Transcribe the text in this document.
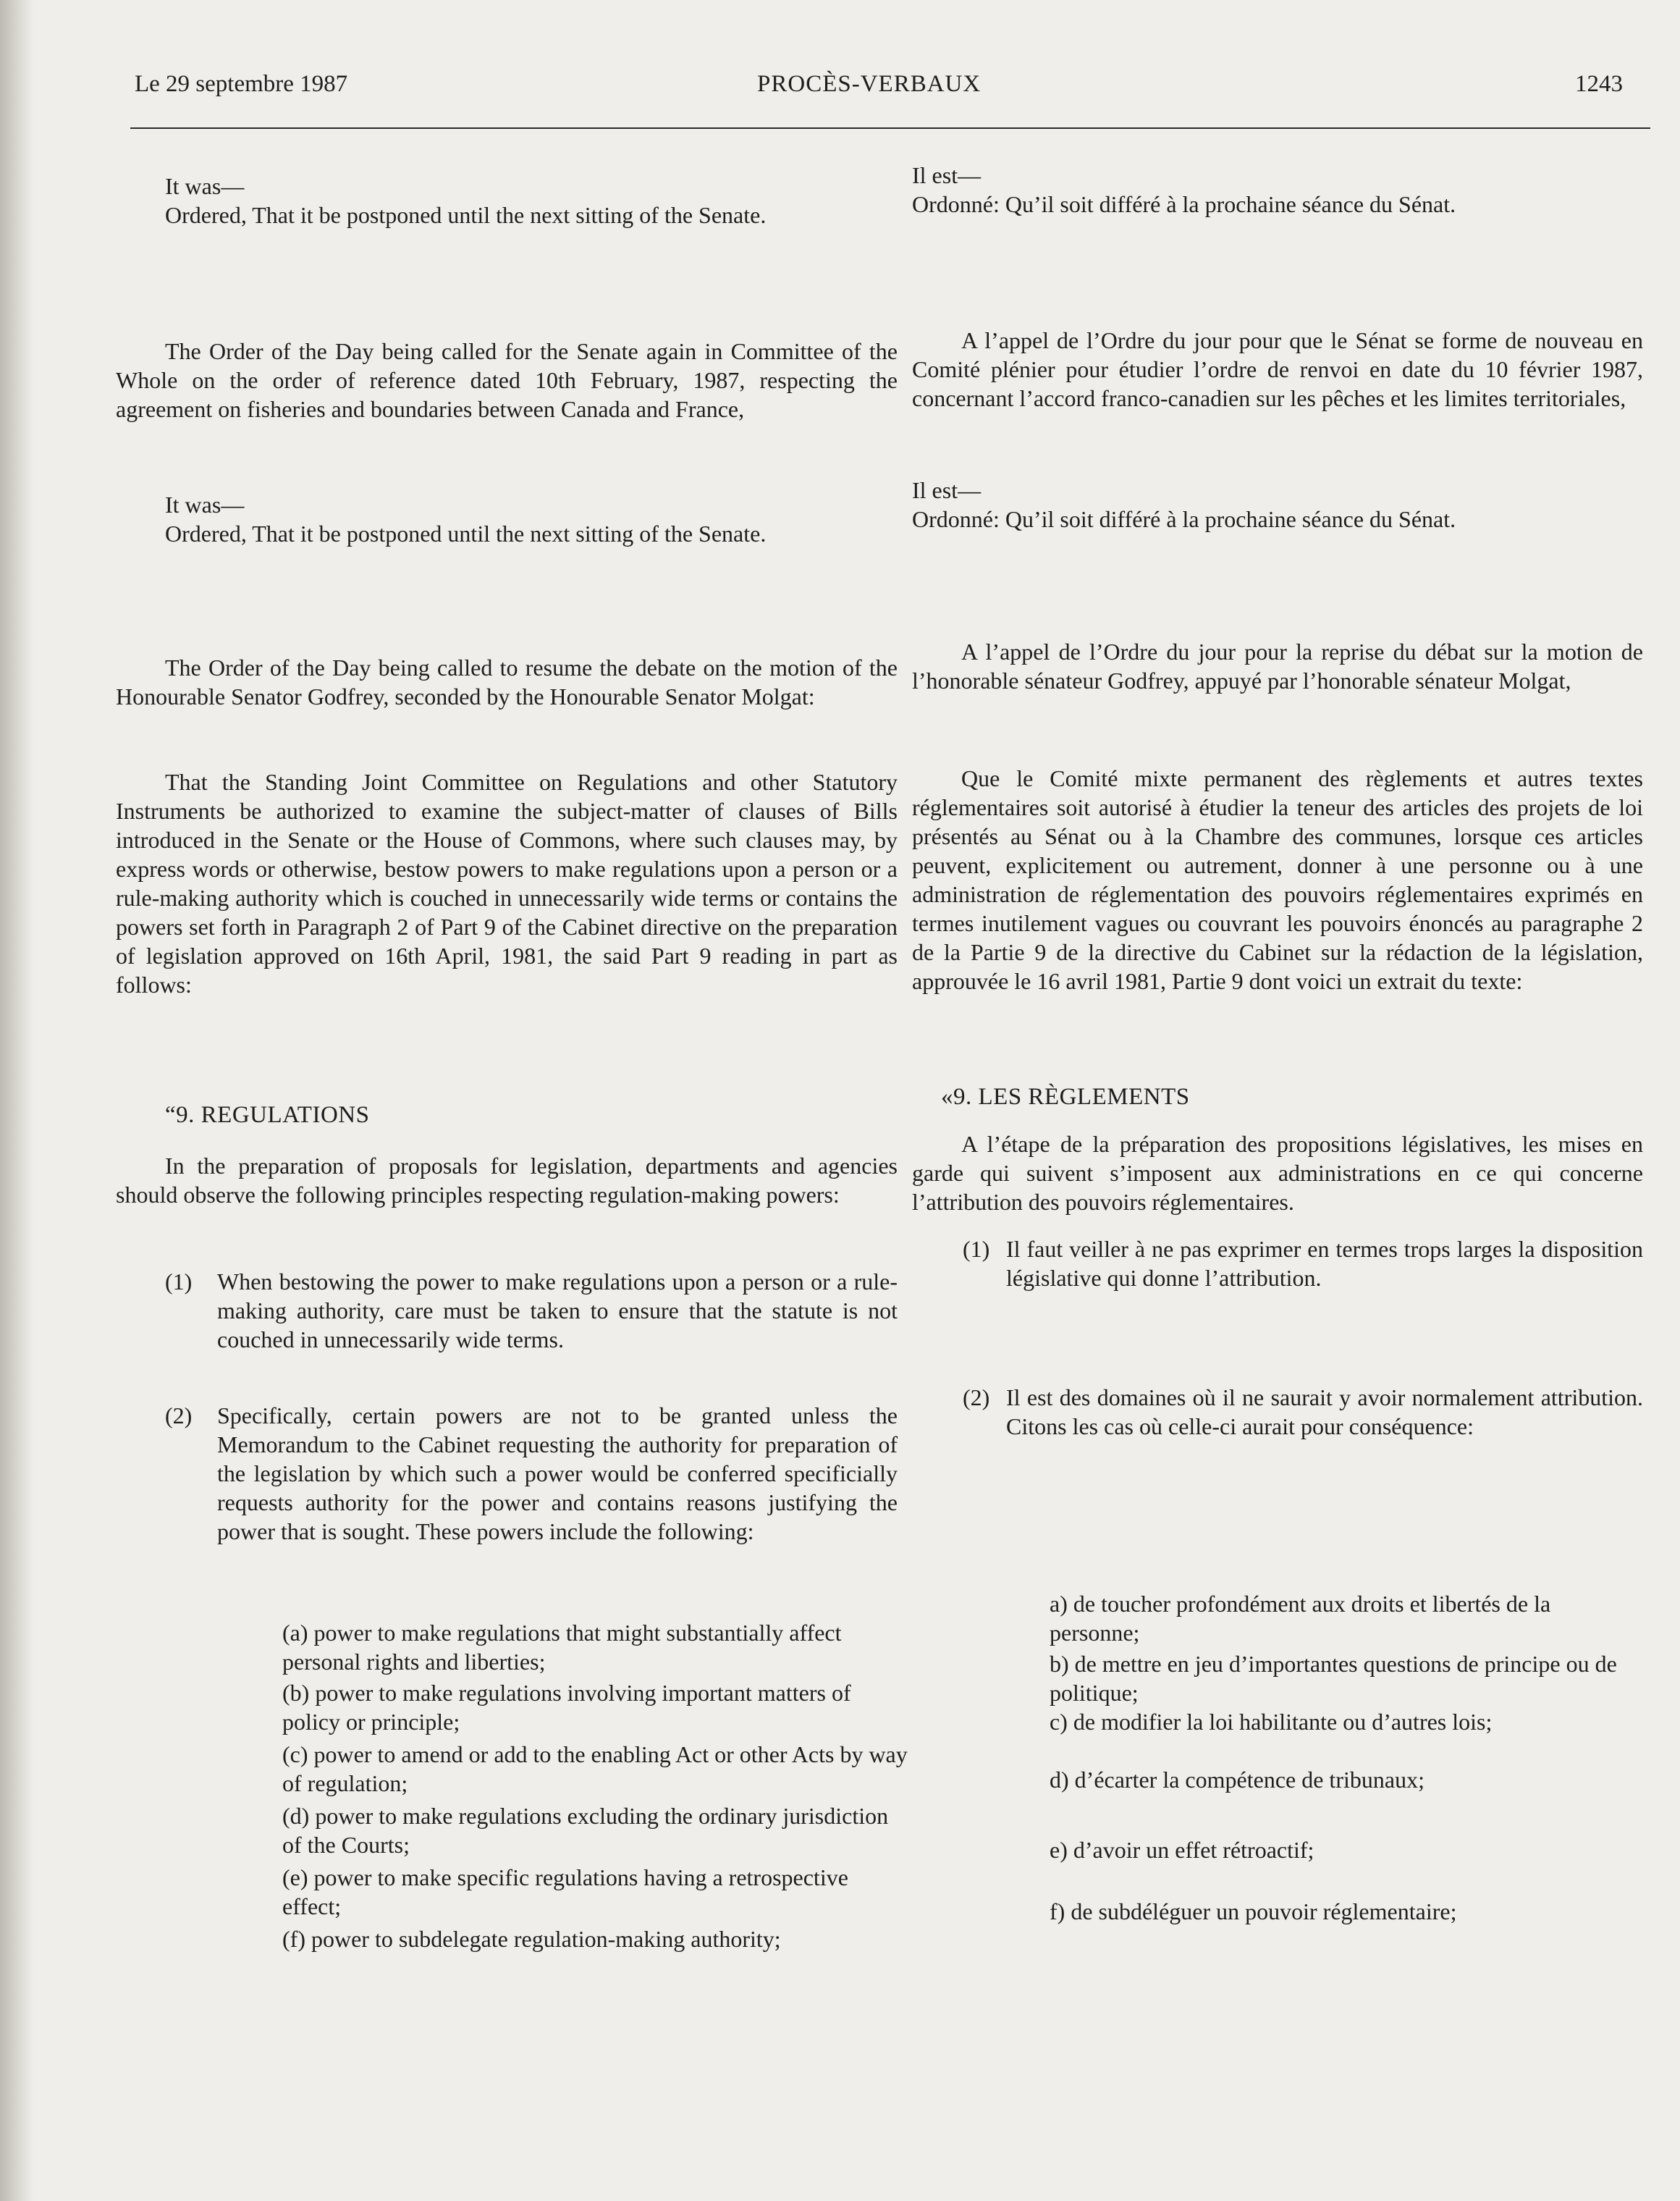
Le 29 septembre 1987	PROCÈS-VERBAUX	1243

It was—

Ordered, That it be postponed until the next sitting of the Senate.

The Order of the Day being called for the Senate again in Committee of the Whole on the order of reference dated 10th February, 1987, respecting the agreement on fisheries and boundaries between Canada and France,

It was—

Ordered, That it be postponed until the next sitting of the Senate.

The Order of the Day being called to resume the debate on the motion of the Honourable Senator Godfrey, seconded by the Honourable Senator Molgat:

That the Standing Joint Committee on Regulations and other Statutory Instruments be authorized to examine the subject-matter of clauses of Bills introduced in the Senate or the House of Commons, where such clauses may, by express words or otherwise, bestow powers to make regulations upon a person or a rule-making authority which is couched in unnecessarily wide terms or contains the powers set forth in Paragraph 2 of Part 9 of the Cabinet directive on the preparation of legislation approved on 16th April, 1981, the said Part 9 reading in part as follows:

“9. REGULATIONS

In the preparation of proposals for legislation, departments and agencies should observe the following principles respecting regulation-making powers:

(1) When bestowing the power to make regulations upon a person or a rule-making authority, care must be taken to ensure that the statute is not couched in unnecessarily wide terms.
(2) Specifically, certain powers are not to be granted unless the Memorandum to the Cabinet requesting the authority for preparation of the legislation by which such a power would be conferred specificially requests authority for the power and contains reasons justifying the power that is sought. These powers include the following:

(a) power to make regulations that might substantially affect personal rights and liberties;

(b) power to make regulations involving important matters of policy or principle;

(c) power to amend or add to the enabling Act or other Acts by way of regulation;

(d) power to make regulations excluding the ordinary jurisdiction of the Courts;

(e) power to make specific regulations having a retrospective effect;

(f) power to subdelegate regulation-making authority;

Il est—

Ordonné: Qu’il soit différé à la prochaine séance du Sénat.

A l’appel de l’Ordre du jour pour que le Sénat se forme de nouveau en Comité plénier pour étudier l’ordre de renvoi en date du 10 février 1987, concernant l’accord franco-canadien sur les pêches et les limites territoriales,

Il est—

Ordonné: Qu’il soit différé à la prochaine séance du Sénat.

A l’appel de l’Ordre du jour pour la reprise du débat sur la motion de l’honorable sénateur Godfrey, appuyé par l’honorable sénateur Molgat,

Que le Comité mixte permanent des règlements et autres textes réglementaires soit autorisé à étudier la teneur des articles des projets de loi présentés au Sénat ou à la Chambre des communes, lorsque ces articles peuvent, explicitement ou autrement, donner à une personne ou à une administration de réglementation des pouvoirs réglementaires exprimés en termes inutilement vagues ou couvrant les pouvoirs énoncés au paragraphe 2 de la Partie 9 de la directive du Cabinet sur la rédaction de la législation, approuvée le 16 avril 1981, Partie 9 dont voici un extrait du texte:

«9. LES RÈGLEMENTS

A l’étape de la préparation des propositions législatives, les mises en garde qui suivent s’imposent aux administrations en ce qui concerne l’attribution des pouvoirs réglementaires.

(1) Il faut veiller à ne pas exprimer en termes trops larges la disposition législative qui donne l’attribution.
(2) Il est des domaines où il ne saurait y avoir normalement attribution. Citons les cas où celle-ci aurait pour conséquence:

a) de toucher profondément aux droits et libertés de la personne;

b) de mettre en jeu d’importantes questions de principe ou de politique;

c) de modifier la loi habilitante ou d’autres lois;

d) d’écarter la compétence de tribunaux;

e) d’avoir un effet rétroactif;

f) de subdéléguer un pouvoir réglementaire;
